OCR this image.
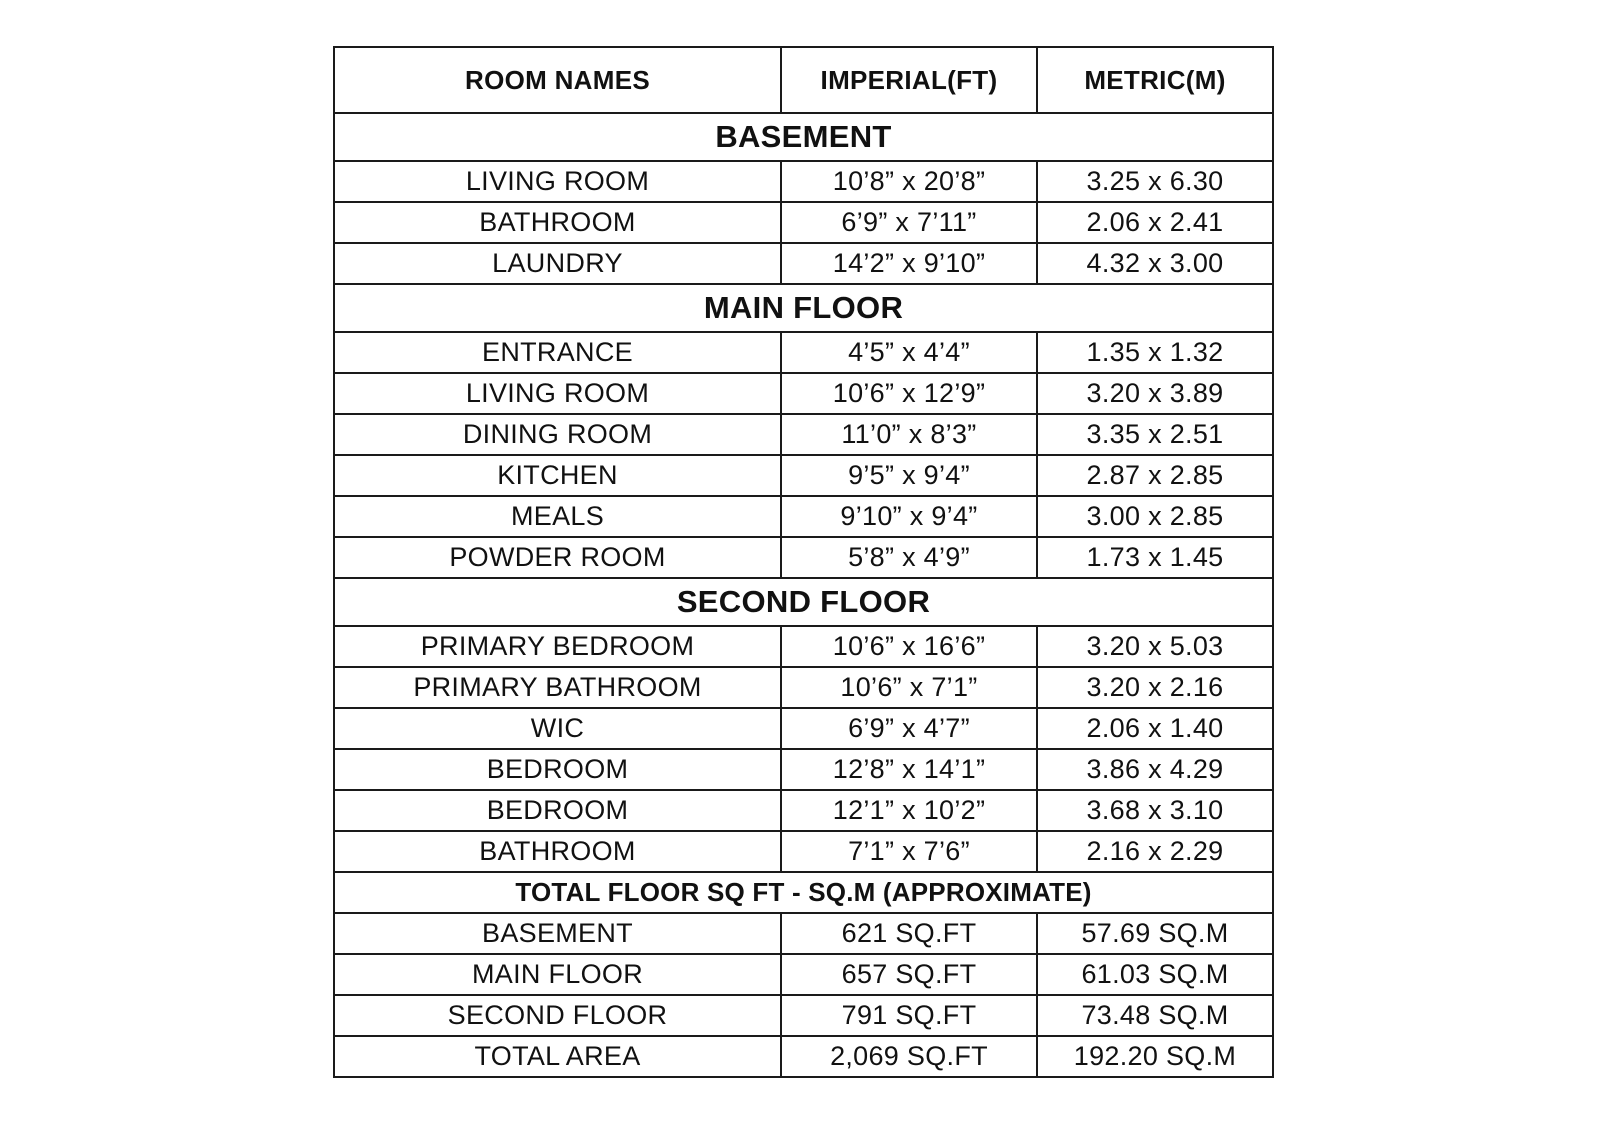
ROOM NAMES	IMPERIAL(FT)	METRIC(M)
BASEMENT		
LIVING ROOM	10’8” x 20’8”	3.25 x 6.30
BATHROOM	6’9” x 7’11”	2.06 x 2.41
LAUNDRY	14’2” x 9’10”	4.32 x 3.00
MAIN FLOOR		
ENTRANCE	4’5” x 4’4”	1.35 x 1.32
LIVING ROOM	10’6” x 12’9”	3.20 x 3.89
DINING ROOM	11’0” x 8’3”	3.35 x 2.51
KITCHEN	9’5” x 9’4”	2.87 x 2.85
MEALS	9’10” x 9’4”	3.00 x 2.85
POWDER ROOM	5’8” x 4’9”	1.73 x 1.45
SECOND FLOOR		
PRIMARY BEDROOM	10’6” x 16’6”	3.20 x 5.03
PRIMARY BATHROOM	10’6” x 7’1”	3.20 x 2.16
WIC	6’9” x 4’7”	2.06 x 1.40
BEDROOM	12’8” x 14’1”	3.86 x 4.29
BEDROOM	12’1” x 10’2”	3.68 x 3.10
BATHROOM	7’1” x 7’6”	2.16 x 2.29
TOTAL FLOOR SQ FT - SQ.M (APPROXIMATE)		
BASEMENT	621 SQ.FT	57.69 SQ.M
MAIN FLOOR	657 SQ.FT	61.03 SQ.M
SECOND FLOOR	791 SQ.FT	73.48 SQ.M
TOTAL AREA	2,069 SQ.FT	192.20 SQ.M
